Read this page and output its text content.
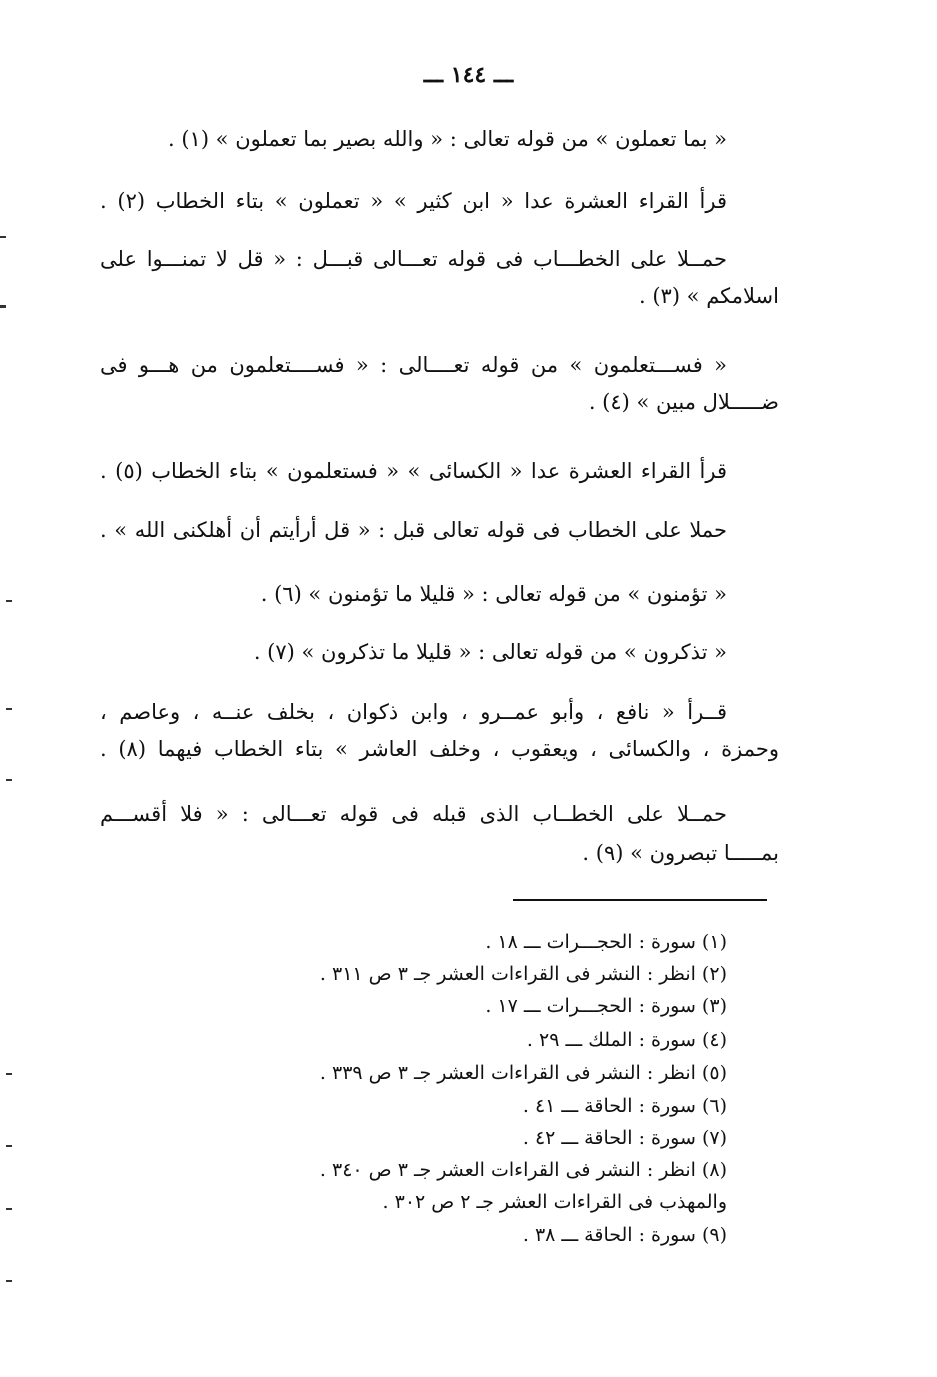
ـــ ١٤٤ ـــ
« بما تعملون » من قوله تعالى : « والله بصير بما تعملون » (١) .
قرأ القراء العشرة عدا « ابن كثير » « تعملون » بتاء الخطاب (٢) .
حمــلا على الخطـــاب فى قوله تعـــالى قبـــل : « قل لا تمنـــوا على
اسلامكم » (٣) .
« فســـتعلمون » من قوله تعــــالى : « فســــتعلمون من هـــو فى
ضـــــلال مبين » (٤) .
قرأ القراء العشرة عدا « الكسائى » « فستعلمون » بتاء الخطاب (٥) .
حملا على الخطاب فى قوله تعالى قبل : « قل أرأيتم أن أهلكنى الله » .
« تؤمنون » من قوله تعالى : « قليلا ما تؤمنون » (٦) .
« تذكرون » من قوله تعالى : « قليلا ما تذكرون » (٧) .
قــرأ « نافع ، وأبو عمــرو ، وابن ذكوان ، بخلف عنــه ، وعاصم ،
وحمزة ، والكسائى ، ويعقوب ، وخلف العاشر » بتاء الخطاب فيهما (٨) .
حمــلا على الخطــاب الذى قبله فى قوله تعـــالى : « فلا أقســـم
بمـــــا تبصرون » (٩) .
(١) سورة : الحجـــرات ـــ ١٨ .
(٢) انظر : النشر فى القراءات العشر جـ ٣ ص ٣١١ .
(٣) سورة : الحجـــرات ـــ ١٧ .
(٤) سورة : الملك ـــ ٢٩ .
(٥) انظر : النشر فى القراءات العشر جـ ٣ ص ٣٣٩ .
(٦) سورة : الحاقة ـــ ٤١ .
(٧) سورة : الحاقة ـــ ٤٢ .
(٨) انظر : النشر فى القراءات العشر جـ ٣ ص ٣٤٠ .
والمهذب فى القراءات العشر جـ ٢ ص ٣٠٢ .
(٩) سورة : الحاقة ـــ ٣٨ .
